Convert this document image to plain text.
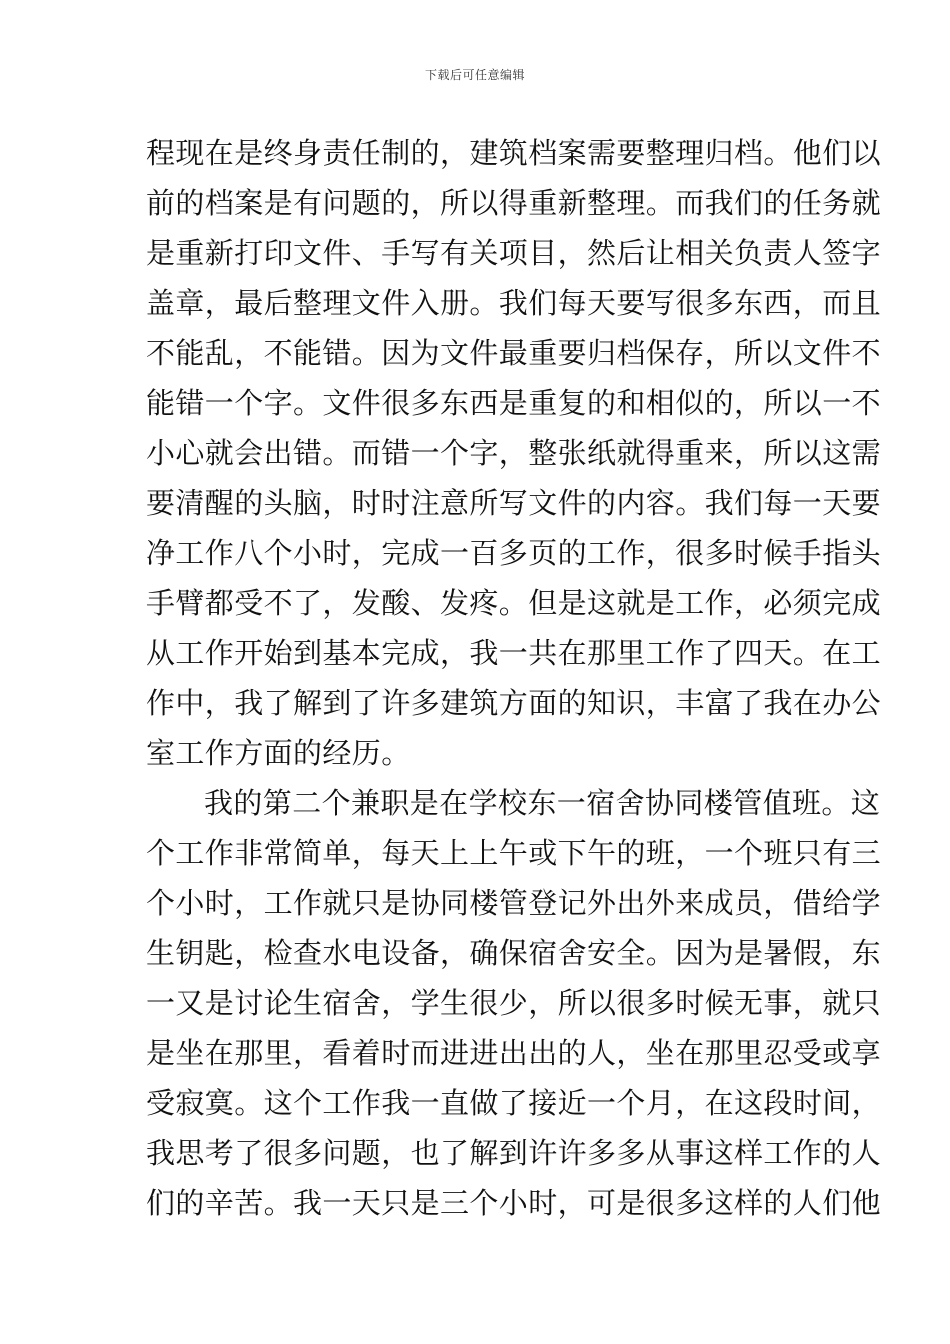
下载后可任意编辑
程现在是终身责任制的，建筑档案需要整理归档。他们以
前的档案是有问题的，所以得重新整理。而我们的任务就
是重新打印文件、手写有关项目，然后让相关负责人签字
盖章，最后整理文件入册。我们每天要写很多东西，而且
不能乱，不能错。因为文件最重要归档保存，所以文件不
能错一个字。文件很多东西是重复的和相似的，所以一不
小心就会出错。而错一个字，整张纸就得重来，所以这需
要清醒的头脑，时时注意所写文件的内容。我们每一天要
净工作八个小时，完成一百多页的工作，很多时候手指头
手臂都受不了，发酸、发疼。但是这就是工作，必须完成
从工作开始到基本完成，我一共在那里工作了四天。在工
作中，我了解到了许多建筑方面的知识，丰富了我在办公
室工作方面的经历。
我的第二个兼职是在学校东一宿舍协同楼管值班。这
个工作非常简单，每天上上午或下午的班，一个班只有三
个小时，工作就只是协同楼管登记外出外来成员，借给学
生钥匙，检查水电设备，确保宿舍安全。因为是暑假，东
一又是讨论生宿舍，学生很少，所以很多时候无事，就只
是坐在那里，看着时而进进出出的人，坐在那里忍受或享
受寂寞。这个工作我一直做了接近一个月，在这段时间，
我思考了很多问题，也了解到许许多多从事这样工作的人
们的辛苦。我一天只是三个小时，可是很多这样的人们他
